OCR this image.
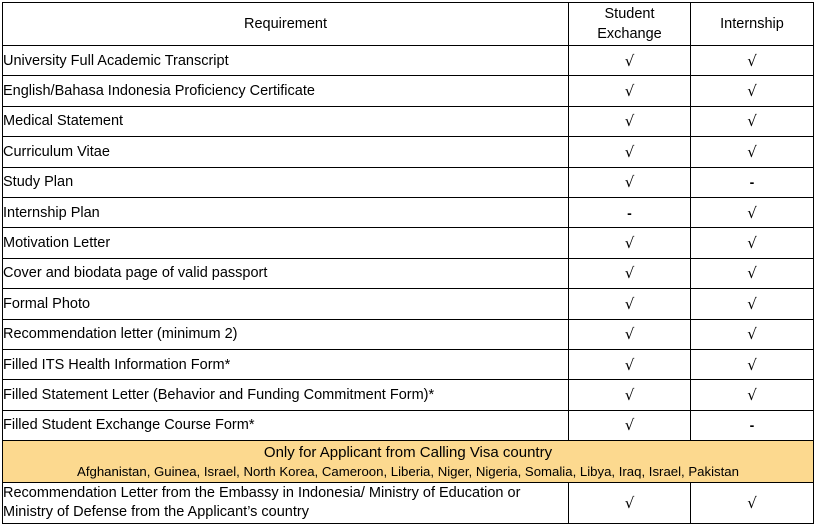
Requirement	Student Exchange	Internship
University Full Academic Transcript	√	√
English/Bahasa Indonesia Proficiency Certificate	√	√
Medical Statement	√	√
Curriculum Vitae	√	√
Study Plan	√	-
Internship Plan	-	√
Motivation Letter	√	√
Cover and biodata page of valid passport	√	√
Formal Photo	√	√
Recommendation letter (minimum 2)	√	√
Filled ITS Health Information Form*	√	√
Filled Statement Letter (Behavior and Funding Commitment Form)*	√	√
Filled Student Exchange Course Form*	√	-

Only for Applicant from Calling Visa country
Afghanistan, Guinea, Israel, North Korea, Cameroon, Liberia, Niger, Nigeria, Somalia, Libya, Iraq, Israel, Pakistan		

Recommendation Letter from the Embassy in Indonesia/ Ministry of Education or Ministry of Defense from the Applicant’s country	√	√
